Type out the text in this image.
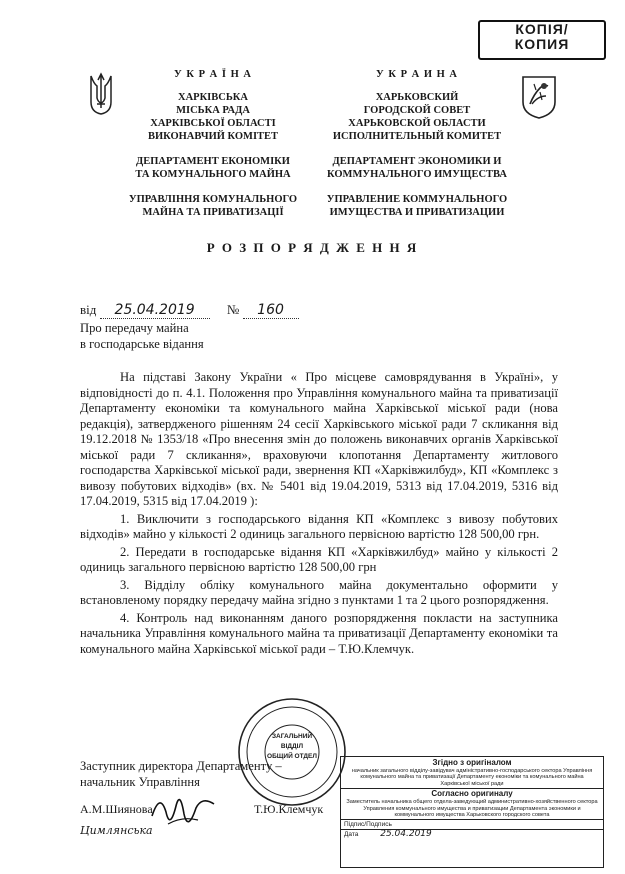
КОПІЯ/
КОПИЯ
У К Р А Ї Н А
ХАРКІВСЬКА
МІСЬКА РАДА
ХАРКІВСЬКОЇ ОБЛАСТІ
ВИКОНАВЧИЙ КОМІТЕТ
ДЕПАРТАМЕНТ ЕКОНОМІКИ
ТА КОМУНАЛЬНОГО МАЙНА
УПРАВЛІННЯ КОМУНАЛЬНОГО
МАЙНА ТА ПРИВАТИЗАЦІЇ
У К Р А И Н А
ХАРЬКОВСКИЙ
ГОРОДСКОЙ СОВЕТ
ХАРЬКОВСКОЙ ОБЛАСТИ
ИСПОЛНИТЕЛЬНЫЙ КОМИТЕТ
ДЕПАРТАМЕНТ ЭКОНОМИКИ И
КОММУНАЛЬНОГО ИМУЩЕСТВА
УПРАВЛЕНИЕ КОММУНАЛЬНОГО
ИМУЩЕСТВА И ПРИВАТИЗАЦИИ
Р О З П О Р Я Д Ж Е Н Н Я
від 25.04.2019 № 160
Про передачу майна
в господарське відання

На підставі Закону України « Про місцеве самоврядування в Україні», у відповідності до п. 4.1. Положення про Управління комунального майна та приватизації Департаменту економіки та комунального майна Харківської міської ради (нова редакція), затвердженого рішенням 24 сесії Харківського міської ради 7 скликання від 19.12.2018 № 1353/18 «Про внесення змін до положень виконавчих органів Харківської міської ради 7 скликання», враховуючи клопотання Департаменту житлового господарства Харківської міської ради, звернення КП «Харківжилбуд», КП «Комплекс з вивозу побутових відходів» (вх. № 5401 від 19.04.2019, 5313 від 17.04.2019, 5316 від 17.04.2019, 5315 від 17.04.2019 ):

1. Виключити з господарського відання КП «Комплекс з вивозу побутових відходів» майно у кількості 2 одиниць загального первісною вартістю 128 500,00 грн.

2. Передати в господарське відання КП «Харківжилбуд» майно у кількості 2 одиниць загального первісною вартістю 128 500,00 грн

3. Відділу обліку комунального майна документально оформити у встановленому порядку передачу майна згідно з пунктами 1 та 2 цього розпорядження.

4. Контроль над виконанням даного розпорядження покласти на заступника начальника Управління комунального майна та приватизації Департаменту економіки та комунального майна Харківської міської ради – Т.Ю.Клемчук.

ЗАГАЛЬНИЙ
ВІДДІЛ
ОБЩИЙ ОТДЕЛ
Заступник директора Департаменту –
начальник Управління
Т.Ю.Клемчук
А.М.Шиянова
Цимлянська
Згідно з оригіналом
начальник загального відділу-завідувач адміністративно-господарського сектора Управління комунального майна та приватизації Департаменту економіки та комунального майна Харківської міської ради
Согласно оригиналу
Заместитель начальника общего отдела-заведующий административно-хозяйственного сектора Управления коммунального имущества и приватизации Департамента экономики и коммунального имущества Харьковского городского совета
Підпис/Подпись
Дата 25.04.2019
